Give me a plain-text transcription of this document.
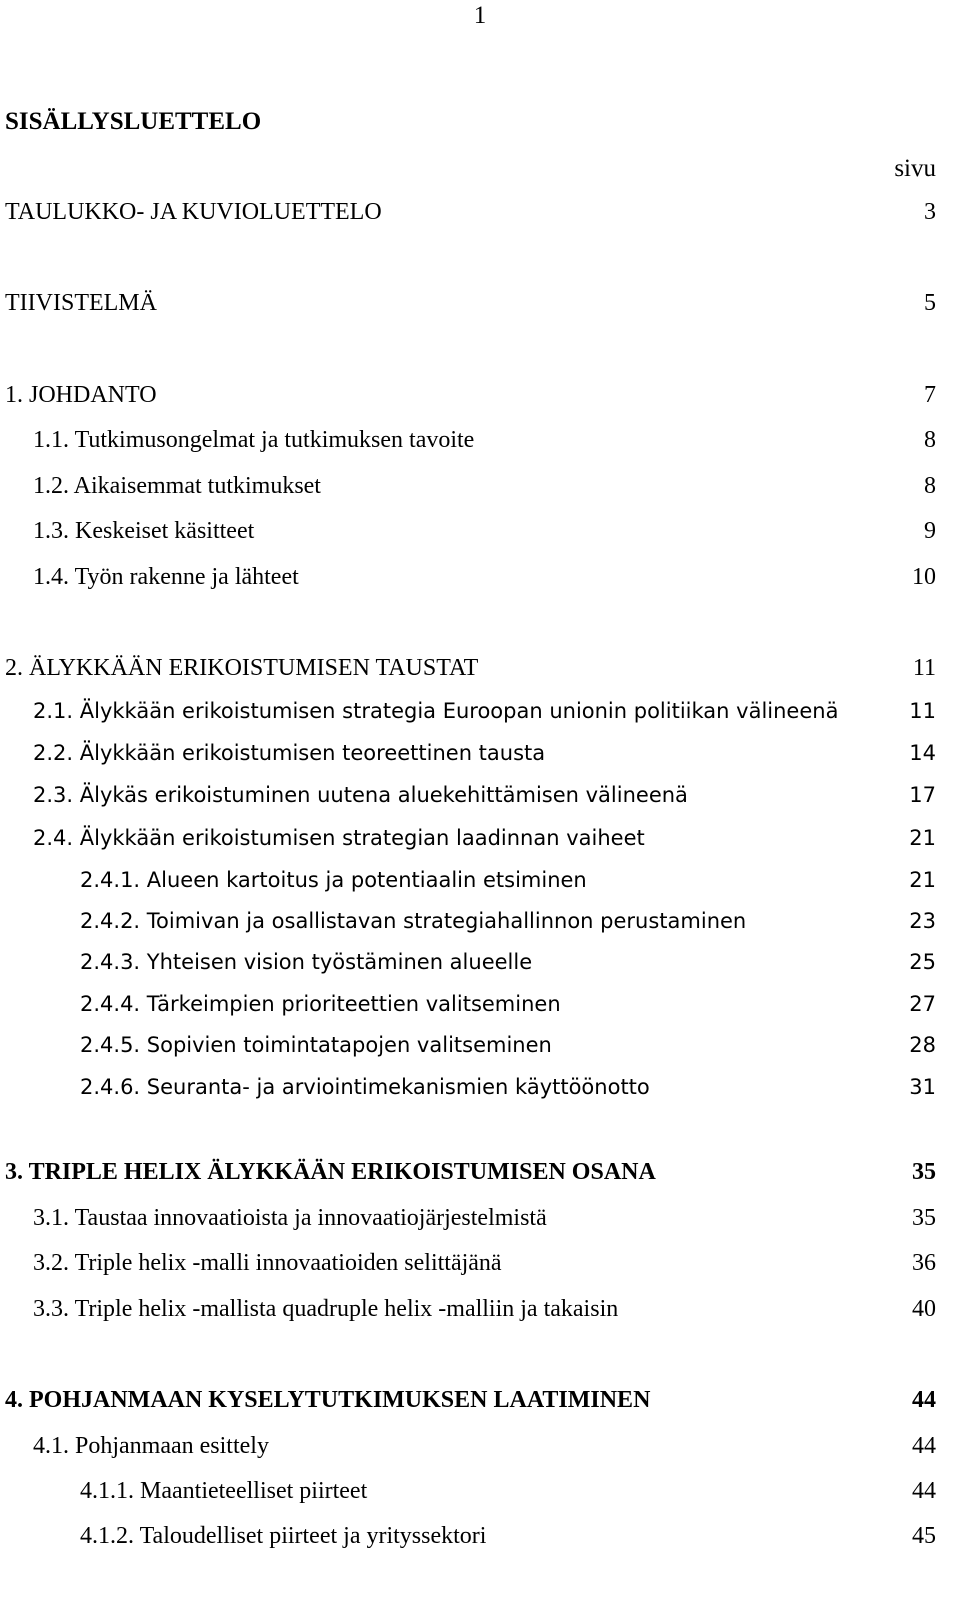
1
SISÄLLYSLUETTELO
sivu
TAULUKKO- JA KUVIOLUETTELO	3
TIIVISTELMÄ	5
1. JOHDANTO	7
1.1. Tutkimusongelmat ja tutkimuksen tavoite	8
1.2. Aikaisemmat tutkimukset	8
1.3. Keskeiset käsitteet	9
1.4. Työn rakenne ja lähteet	10
2. ÄLYKKÄÄN ERIKOISTUMISEN TAUSTAT	11
2.1. Älykkään erikoistumisen strategia Euroopan unionin politiikan välineenä	11
2.2. Älykkään erikoistumisen teoreettinen tausta	14
2.3. Älykäs erikoistuminen uutena aluekehittämisen välineenä	17
2.4. Älykkään erikoistumisen strategian laadinnan vaiheet	21
2.4.1. Alueen kartoitus ja potentiaalin etsiminen	21
2.4.2. Toimivan ja osallistavan strategiahallinnon perustaminen	23
2.4.3. Yhteisen vision työstäminen alueelle	25
2.4.4. Tärkeimpien prioriteettien valitseminen	27
2.4.5. Sopivien toimintatapojen valitseminen	28
2.4.6. Seuranta- ja arviointimekanismien käyttöönotto	31
3. TRIPLE HELIX ÄLYKKÄÄN ERIKOISTUMISEN OSANA	35
3.1. Taustaa innovaatioista ja innovaatiojärjestelmistä	35
3.2. Triple helix -malli innovaatioiden selittäjänä	36
3.3. Triple helix -mallista quadruple helix -malliin ja takaisin	40
4. POHJANMAAN KYSELYTUTKIMUKSEN LAATIMINEN	44
4.1. Pohjanmaan esittely	44
4.1.1. Maantieteelliset piirteet	44
4.1.2. Taloudelliset piirteet ja yrityssektori	45
